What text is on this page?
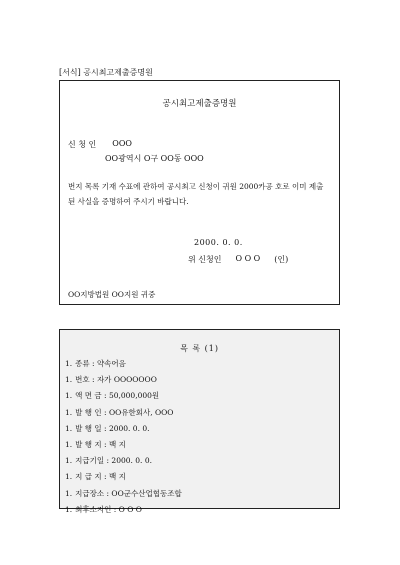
[서식] 공시최고제출증명원
공시최고제출증명원
신 청 인 OOO
OO광역시 O구 OO동 OOO
번지 목록 기재 수표에 관하여 공시최고 신청이 귀원 2000카공 호로 이미 제출된 사실을 증명하여 주시기 바랍니다.
2000. 0. 0.
위 신청인 O O O (인)
OO지방법원 OO지원 귀중
목 록 (1)
1. 종류 : 약속어음
1. 번호 : 자가 OOOOOOO
1. 액 면 금 : 50,000,000원
1. 발 행 인 : OO유한회사, OOO
1. 발 행 일 : 2000. 0. 0.
1. 발 행 지 : 백 지
1. 지급기일 : 2000. 0. 0.
1. 지 급 지 : 백 지
1. 지급장소 : OO군수산업협동조합
1. 최후소지인 : O O O
